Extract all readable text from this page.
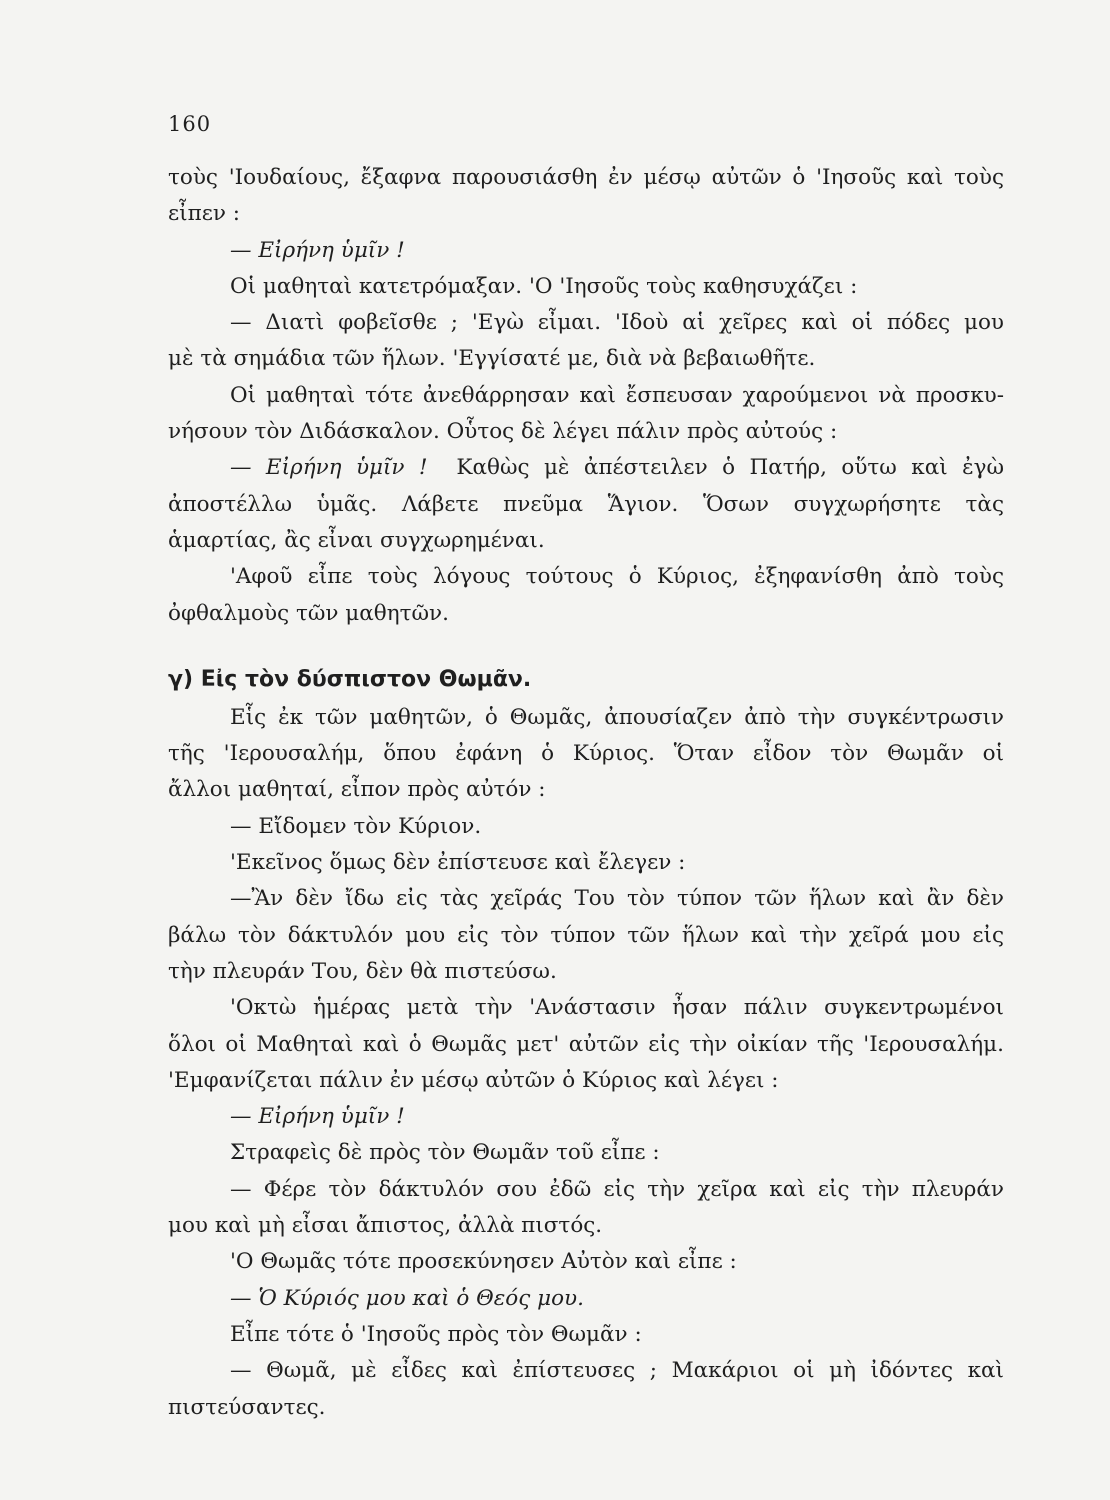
160
τοὺς 'Ιουδαίους, ἔξαφνα παρουσιάσθη ἐν μέσῳ αὐτῶν ὁ 'Ιησοῦς καὶ τοὺς
εἶπεν :
— Εἰρήνη ὑμῖν !
Οἱ μαθηταὶ κατετρόμαξαν. 'Ο 'Ιησοῦς τοὺς καθησυχάζει :
— Διατὶ φοβεῖσθε ; 'Εγὼ εἶμαι. 'Ιδοὺ αἱ χεῖρες καὶ οἱ πόδες μου
μὲ τὰ σημάδια τῶν ἥλων. 'Εγγίσατέ με, διὰ νὰ βεβαιωθῆτε.
Οἱ μαθηταὶ τότε ἀνεθάρρησαν καὶ ἔσπευσαν χαρούμενοι νὰ προσκυ-
νήσουν τὸν Διδάσκαλον. Οὗτος δὲ λέγει πάλιν πρὸς αὐτούς :
— Εἰρήνη ὑμῖν ! Καθὼς μὲ ἀπέστειλεν ὁ Πατήρ, οὕτω καὶ ἐγὼ
ἀποστέλλω ὑμᾶς. Λάβετε πνεῦμα Ἅγιον. Ὅσων συγχωρήσητε τὰς
ἁμαρτίας, ἂς εἶναι συγχωρημέναι.
'Αφοῦ εἶπε τοὺς λόγους τούτους ὁ Κύριος, ἐξηφανίσθη ἀπὸ τοὺς
ὀφθαλμοὺς τῶν μαθητῶν.
γ) Εἰς τὸν δύσπιστον Θωμᾶν.
Εἷς ἐκ τῶν μαθητῶν, ὁ Θωμᾶς, ἀπουσίαζεν ἀπὸ τὴν συγκέντρωσιν
τῆς 'Ιερουσαλήμ, ὅπου ἐφάνη ὁ Κύριος. Ὅταν εἶδον τὸν Θωμᾶν οἱ
ἄλλοι μαθηταί, εἶπον πρὸς αὐτόν :
— Εἴδομεν τὸν Κύριον.
'Εκεῖνος ὅμως δὲν ἐπίστευσε καὶ ἔλεγεν :
—Ἂν δὲν ἴδω εἰς τὰς χεῖράς Του τὸν τύπον τῶν ἥλων καὶ ἂν δὲν
βάλω τὸν δάκτυλόν μου εἰς τὸν τύπον τῶν ἥλων καὶ τὴν χεῖρά μου εἰς
τὴν πλευράν Του, δὲν θὰ πιστεύσω.
'Οκτὼ ἡμέρας μετὰ τὴν 'Ανάστασιν ἦσαν πάλιν συγκεντρωμένοι
ὅλοι οἱ Μαθηταὶ καὶ ὁ Θωμᾶς μετ' αὐτῶν εἰς τὴν οἰκίαν τῆς 'Ιερουσαλήμ.
'Εμφανίζεται πάλιν ἐν μέσῳ αὐτῶν ὁ Κύριος καὶ λέγει :
— Εἰρήνη ὑμῖν !
Στραφεὶς δὲ πρὸς τὸν Θωμᾶν τοῦ εἶπε :
— Φέρε τὸν δάκτυλόν σου ἐδῶ εἰς τὴν χεῖρα καὶ εἰς τὴν πλευράν
μου καὶ μὴ εἶσαι ἄπιστος, ἀλλὰ πιστός.
'Ο Θωμᾶς τότε προσεκύνησεν Αὐτὸν καὶ εἶπε :
— Ὁ Κύριός μου καὶ ὁ Θεός μου.
Εἶπε τότε ὁ 'Ιησοῦς πρὸς τὸν Θωμᾶν :
— Θωμᾶ, μὲ εἶδες καὶ ἐπίστευσες ; Μακάριοι οἱ μὴ ἰδόντες καὶ
πιστεύσαντες.
